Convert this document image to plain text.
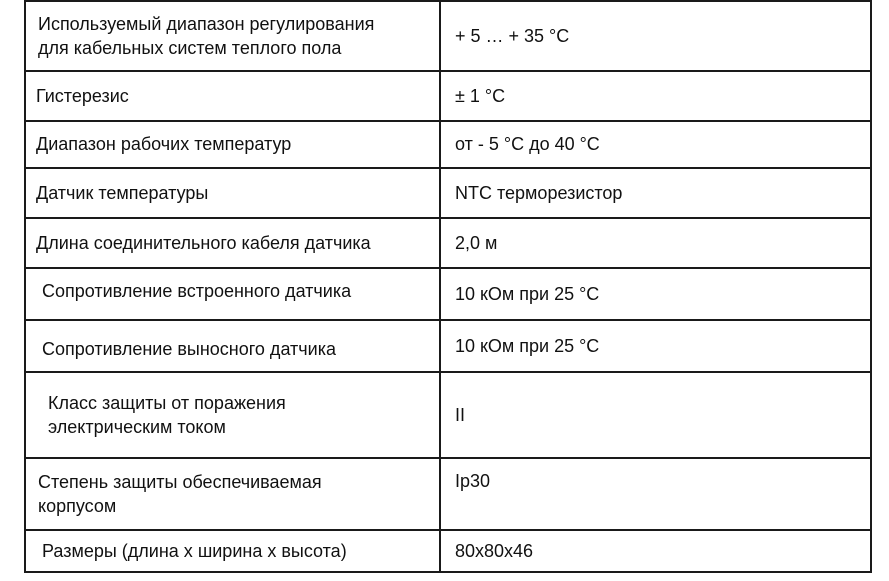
Используемый диапазон регулирования
для кабельных систем теплого пола	+ 5 … + 35 °C
Гистерезис	± 1 °C
Диапазон рабочих температур	от - 5 °C до 40 °C
Датчик температуры	NTC терморезистор
Длина соединительного кабеля датчика	2,0 м
Сопротивление встроенного датчика	10 кОм при 25 °C
Сопротивление выносного датчика	10 кОм при 25 °C
Класс защиты от поражения
электрическим током	II
Степень защиты обеспечиваемая
корпусом	Ip30
Размеры (длина х ширина х высота)	80x80x46
